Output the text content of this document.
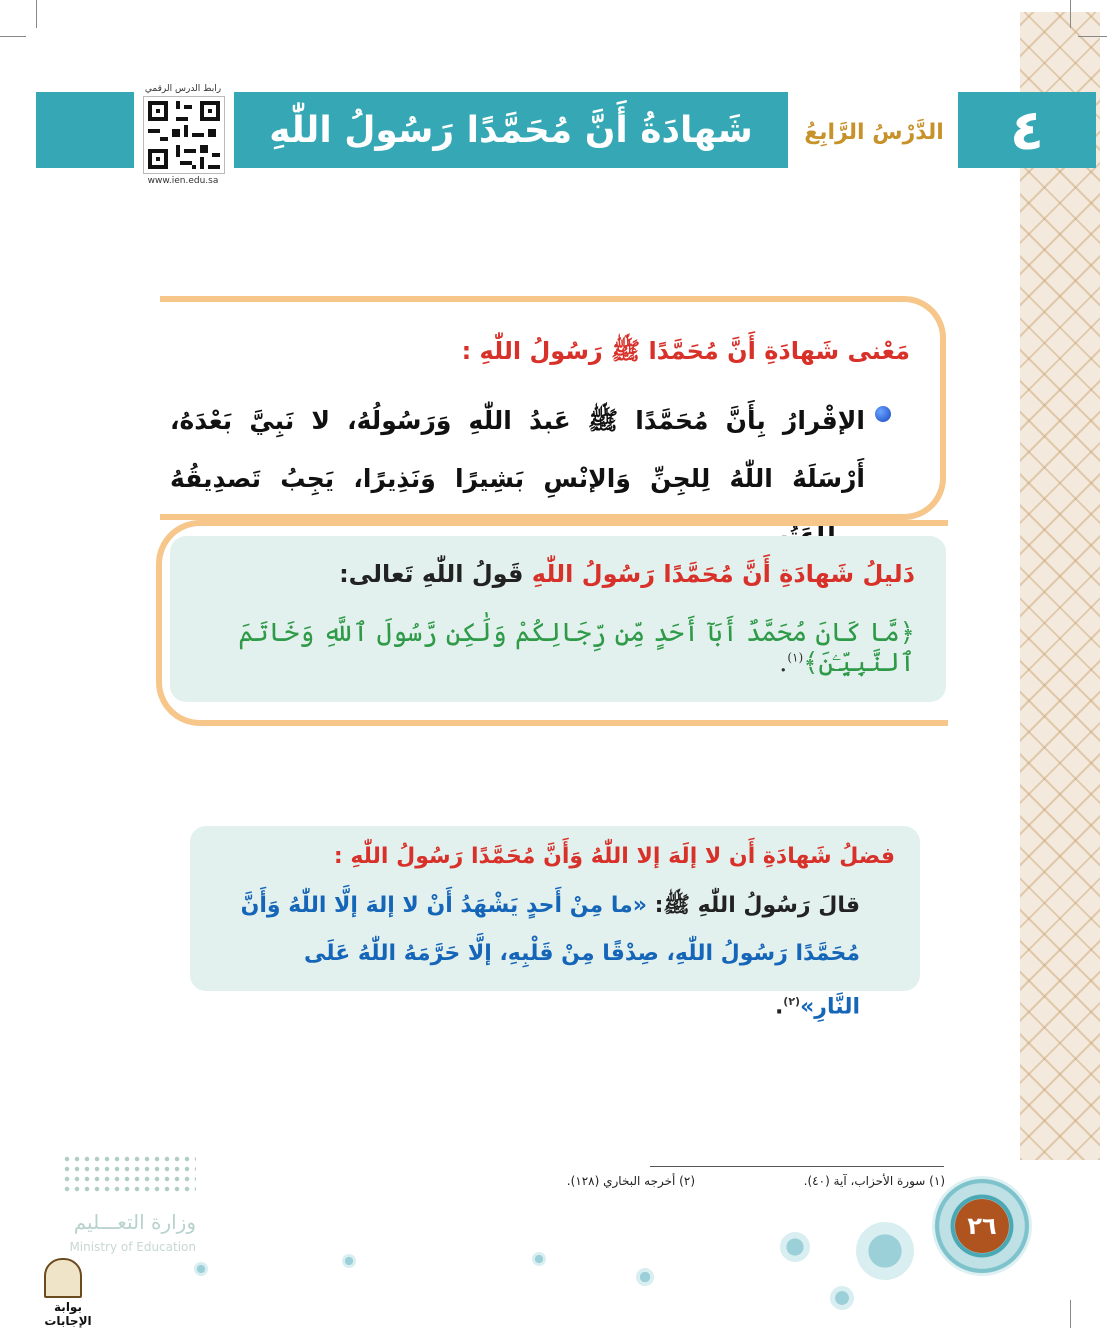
شَهادَةُ أَنَّ مُحَمَّدًا رَسُولُ اللّٰهِ	الدَّرْسُ الرَّابِعُ	٤
رابط الدرس الرقمي
www.ien.edu.sa
مَعْنى شَهادَةِ أَنَّ مُحَمَّدًا ﷺ رَسُولُ اللّٰهِ :
الإقْرارُ بِأَنَّ مُحَمَّدًا ﷺ عَبدُ اللّٰهِ وَرَسُولُهُ، لا نَبِيَّ بَعْدَهُ، أَرْسَلَهُ اللّٰهُ لِلجِنِّ وَالإنْسِ بَشِيرًا وَنَذِيرًا، يَجِبُ تَصدِيقُهُ
دَليلُ شَهادَةِ أَنَّ مُحَمَّدًا رَسُولُ اللّٰهِ قَولُ اللّٰهِ تَعالى:
﴿مَّا كَانَ مُحَمَّدٌ أَبَآ أَحَدٍ مِّن رِّجَالِكُمْ وَلَٰكِن رَّسُولَ ٱللَّهِ وَخَاتَمَ ٱلنَّبِيِّـۧنَ﴾$^{(١)}$.
فضلُ شَهادَةِ أَن لا إلَهَ إلا اللّٰهُ وَأَنَّ مُحَمَّدًا رَسُولُ اللّٰهِ :
قالَ رَسُولُ اللّٰهِ ﷺ: «ما مِنْ أَحدٍ يَشْهَدُ أَنْ لا إلهَ إلَّا اللّٰهُ وَأَنَّ مُحَمَّدًا رَسُولُ اللّٰهِ، صِدْقًا مِنْ قَلْبِهِ، إلَّا حَرَّمَهُ اللّٰهُ عَلَى النَّارِ»$^{(٢)}$.
(١) سورة الأحزاب، آية (٤٠).
(٢) أخرجه البخاري (١٢٨).
٢٦
وزارة التعـــليم
Ministry of Education
بوابة الإجابات
